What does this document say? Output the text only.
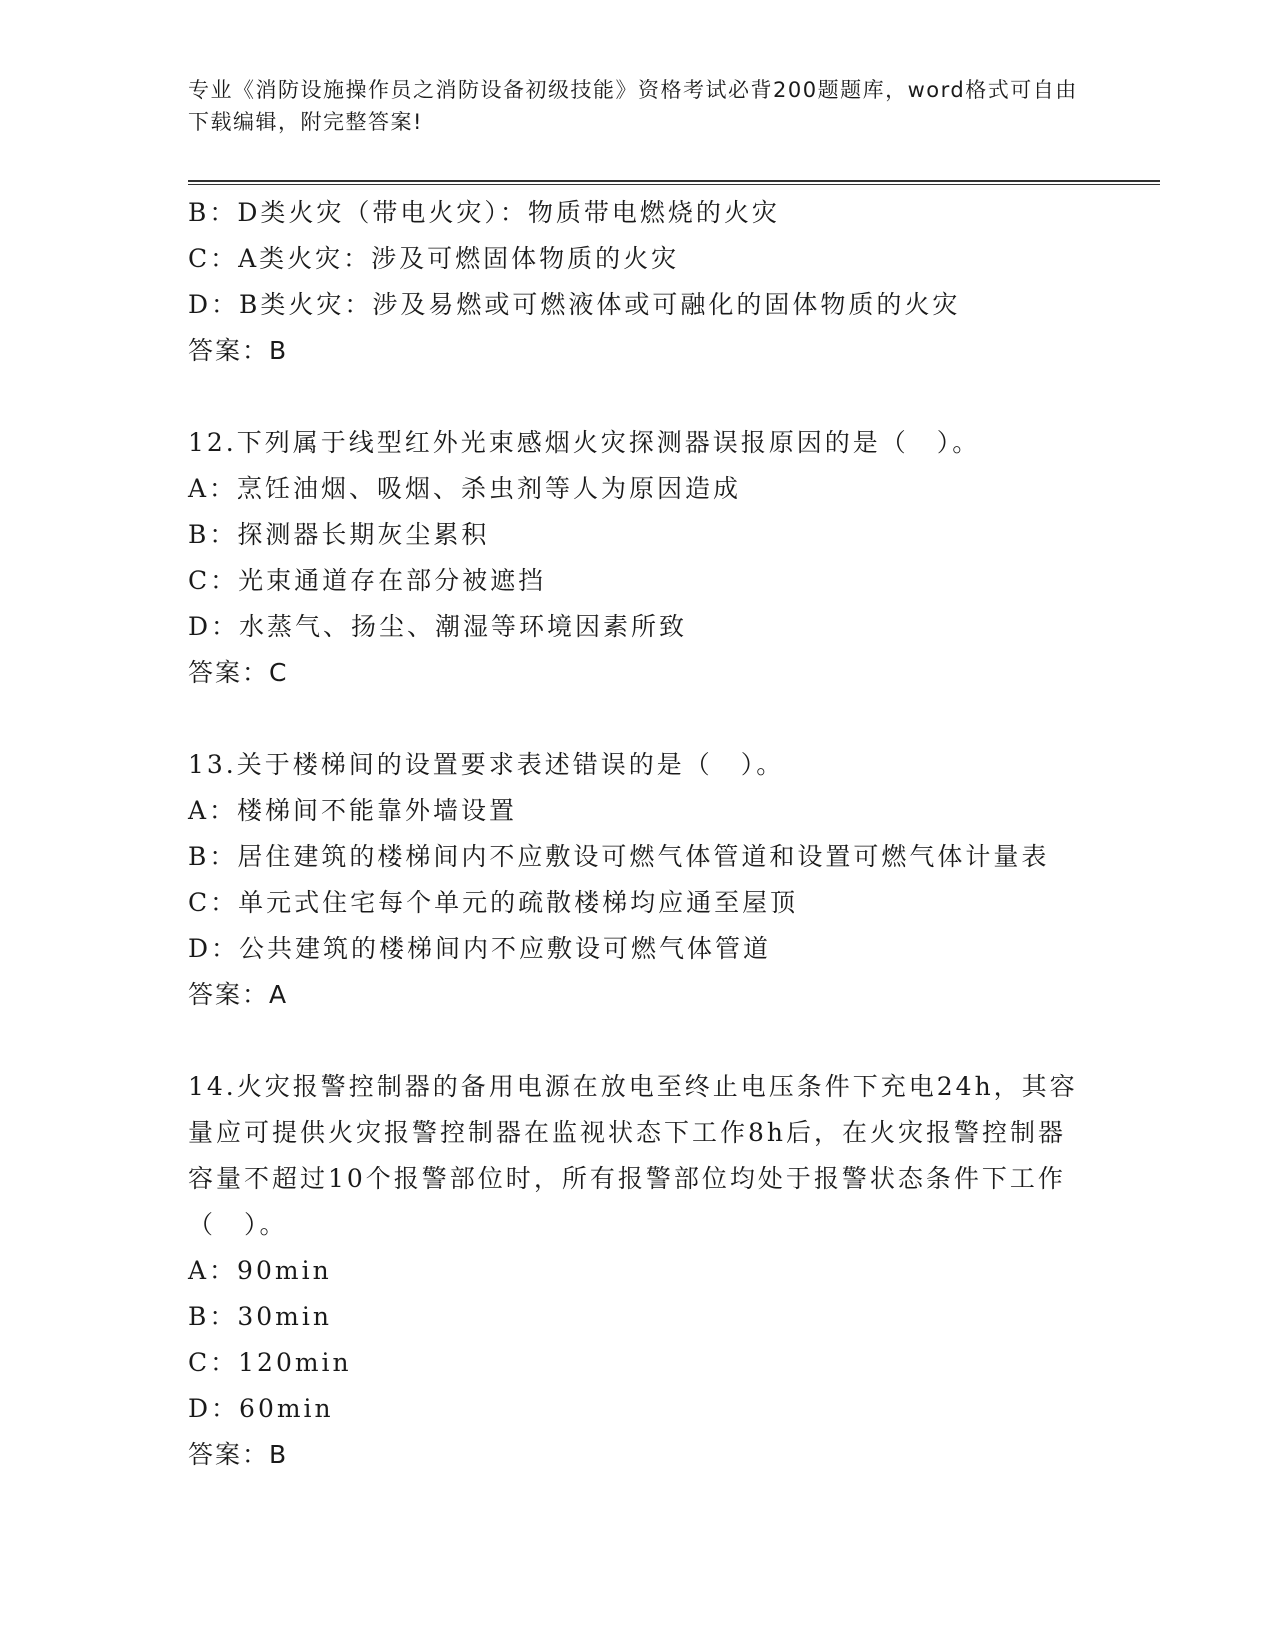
专业《消防设施操作员之消防设备初级技能》资格考试必背200题题库，word格式可自由下载编辑，附完整答案!
B：D类火灾（带电火灾）：物质带电燃烧的火灾
C：A类火灾：涉及可燃固体物质的火灾
D：B类火灾：涉及易燃或可燃液体或可融化的固体物质的火灾
答案：B
12.下列属于线型红外光束感烟火灾探测器误报原因的是（　）。
A：烹饪油烟、吸烟、杀虫剂等人为原因造成
B：探测器长期灰尘累积
C：光束通道存在部分被遮挡
D：水蒸气、扬尘、潮湿等环境因素所致
答案：C
13.关于楼梯间的设置要求表述错误的是（　）。
A：楼梯间不能靠外墙设置
B：居住建筑的楼梯间内不应敷设可燃气体管道和设置可燃气体计量表
C：单元式住宅每个单元的疏散楼梯均应通至屋顶
D：公共建筑的楼梯间内不应敷设可燃气体管道
答案：A
14.火灾报警控制器的备用电源在放电至终止电压条件下充电24h，其容量应可提供火灾报警控制器在监视状态下工作8h后，在火灾报警控制器容量不超过10个报警部位时，所有报警部位均处于报警状态条件下工作（　）。
A：90min
B：30min
C：120min
D：60min
答案：B
